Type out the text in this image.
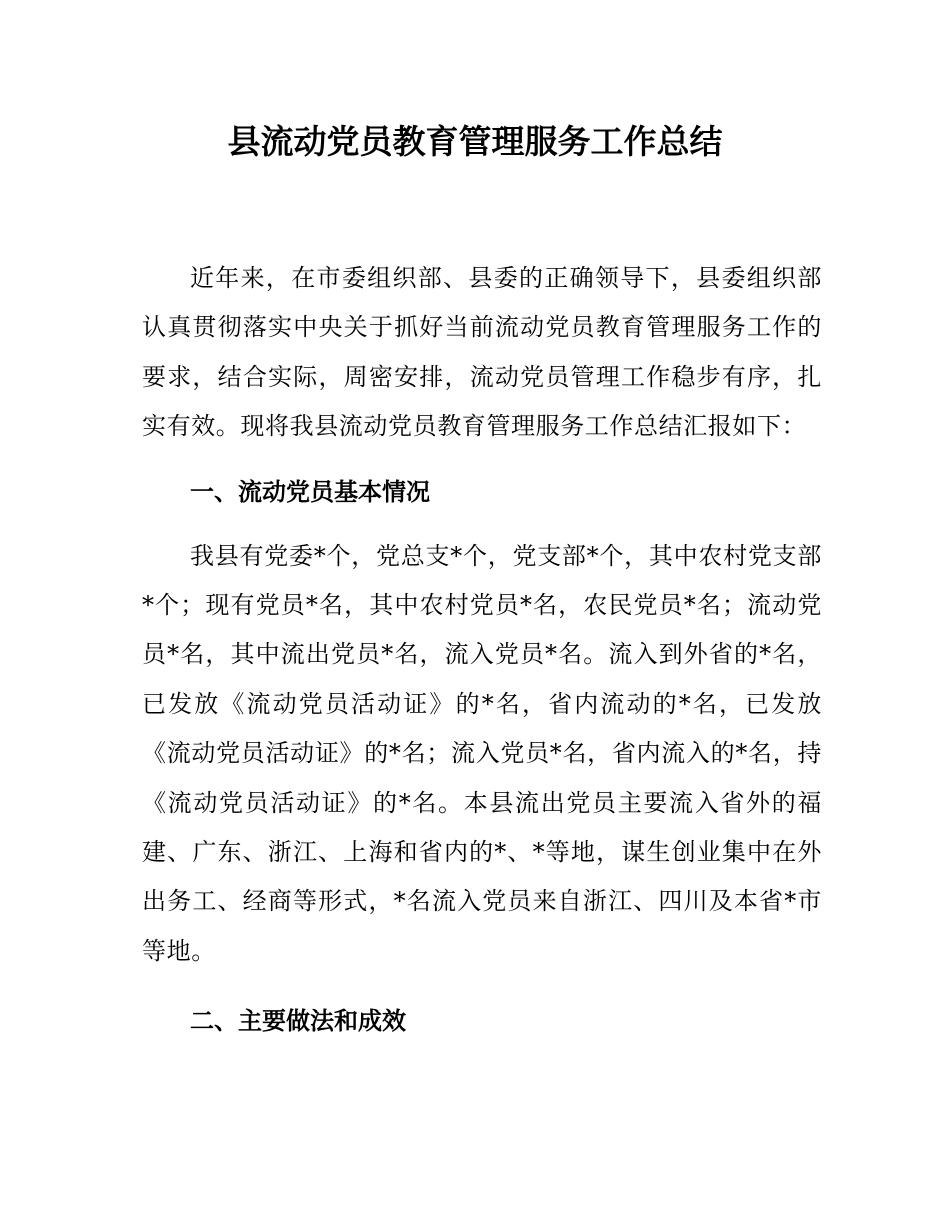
县流动党员教育管理服务工作总结

近年来，在市委组织部、县委的正确领导下，县委组织部认真贯彻落实中央关于抓好当前流动党员教育管理服务工作的要求，结合实际，周密安排，流动党员管理工作稳步有序，扎实有效。现将我县流动党员教育管理服务工作总结汇报如下：

一、流动党员基本情况

我县有党委*个，党总支*个，党支部*个，其中农村党支部*个；现有党员*名，其中农村党员*名，农民党员*名；流动党员*名，其中流出党员*名，流入党员*名。流入到外省的*名，已发放《流动党员活动证》的*名，省内流动的*名，已发放《流动党员活动证》的*名；流入党员*名，省内流入的*名，持《流动党员活动证》的*名。本县流出党员主要流入省外的福建、广东、浙江、上海和省内的*、*等地，谋生创业集中在外出务工、经商等形式，*名流入党员来自浙江、四川及本省*市等地。

二、主要做法和成效
